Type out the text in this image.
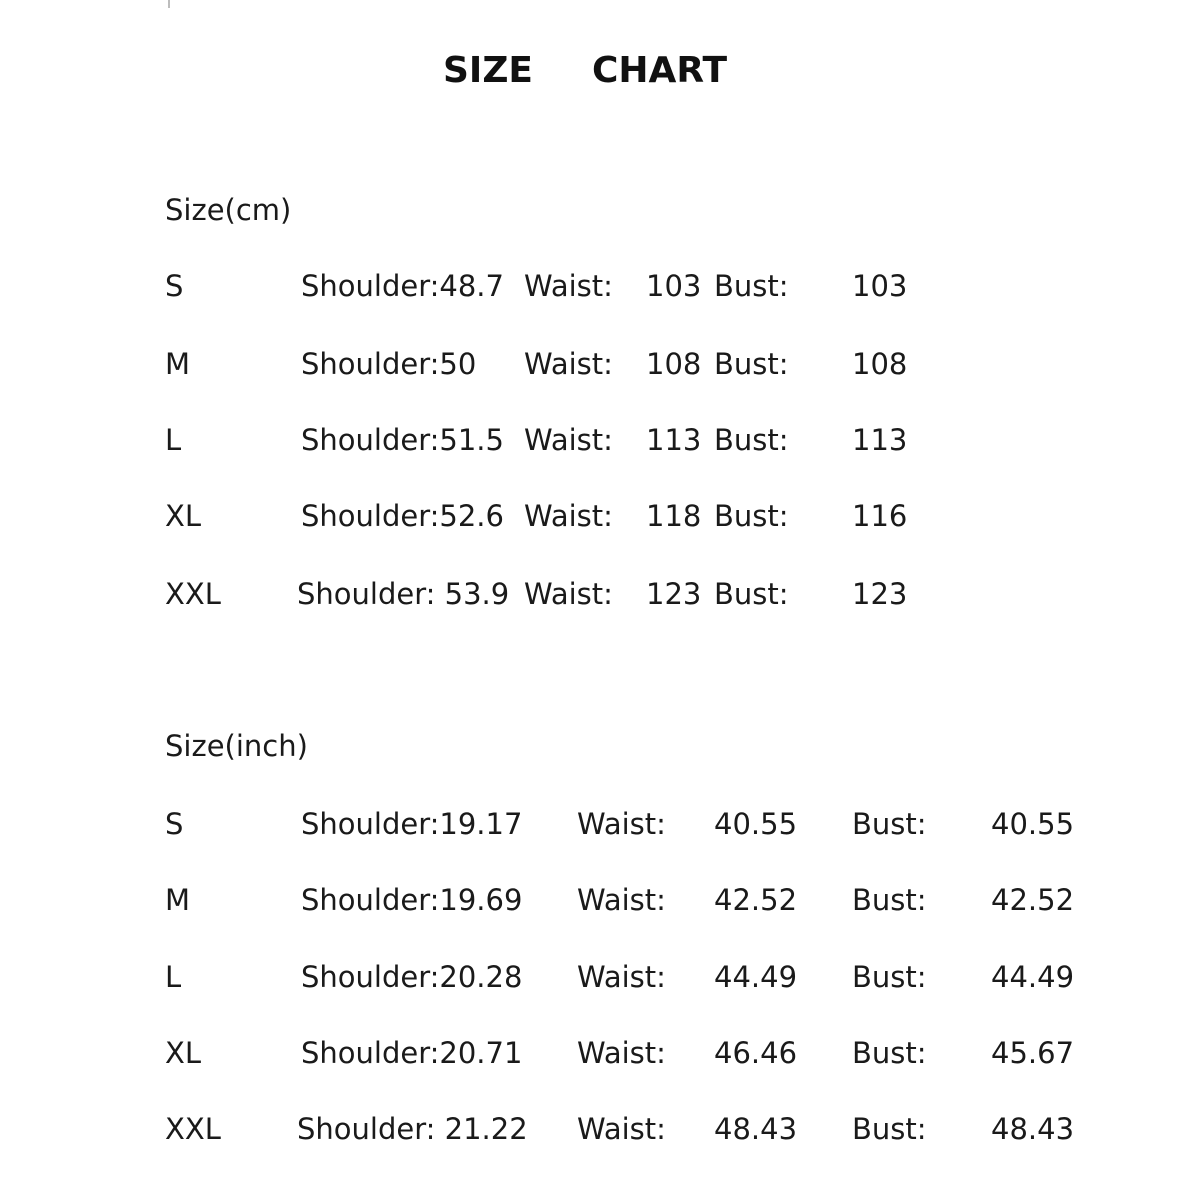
SIZE CHART
Size(cm)
S	Shoulder:48.7 Waist: 103 Bust: 103
M	Shoulder:50 Waist: 108 Bust: 108
L	Shoulder:51.5 Waist: 113 Bust: 113
XL	Shoulder:52.6 Waist: 118 Bust: 116
XXL	Shoulder: 53.9 Waist: 123 Bust: 123
Size(inch)
S	Shoulder:19.17 Waist: 40.55 Bust: 40.55
M	Shoulder:19.69 Waist: 42.52 Bust: 42.52
L	Shoulder:20.28 Waist: 44.49 Bust: 44.49
XL	Shoulder:20.71 Waist: 46.46 Bust: 45.67
XXL	Shoulder: 21.22 Waist: 48.43 Bust: 48.43
